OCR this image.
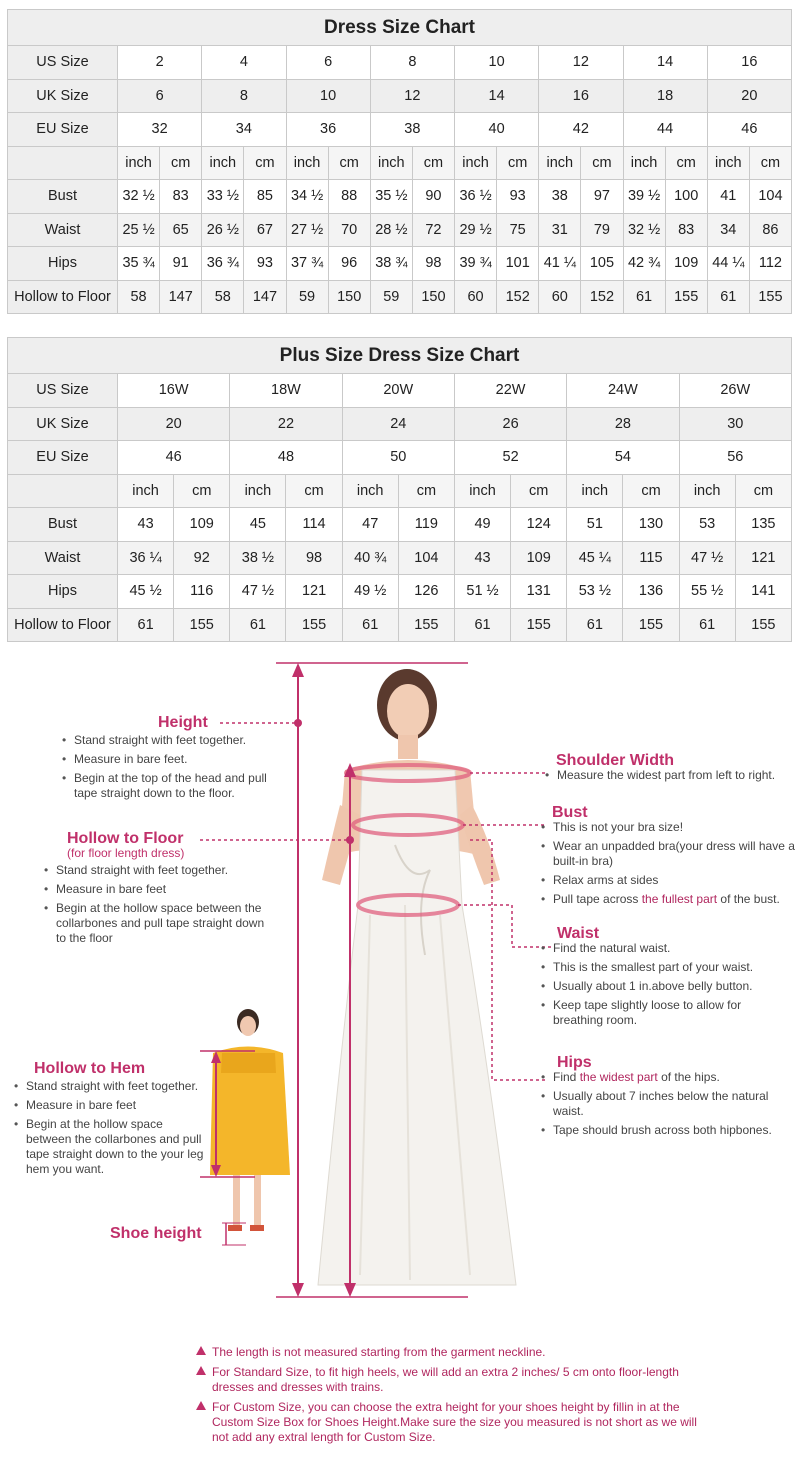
Dress Size Chart																
US Size	2		4		6		8		10		12		14		16	
UK Size	6		8		10		12		14		16		18		20	
EU Size	32		34		36		38		40		42		44		46	
	inch	cm	inch	cm	inch	cm	inch	cm	inch	cm	inch	cm	inch	cm	inch	cm
Bust	32 ½	83	33 ½	85	34 ½	88	35 ½	90	36 ½	93	38	97	39 ½	100	41	104
Waist	25 ½	65	26 ½	67	27 ½	70	28 ½	72	29 ½	75	31	79	32 ½	83	34	86
Hips	35 ¾	91	36 ¾	93	37 ¾	96	38 ¾	98	39 ¾	101	41 ¼	105	42 ¾	109	44 ¼	112
Hollow to Floor	58	147	58	147	59	150	59	150	60	152	60	152	61	155	61	155
Plus Size Dress Size Chart												
US Size	16W		18W		20W		22W		24W		26W	
UK Size	20		22		24		26		28		30	
EU Size	46		48		50		52		54		56	
	inch	cm	inch	cm	inch	cm	inch	cm	inch	cm	inch	cm
Bust	43	109	45	114	47	119	49	124	51	130	53	135
Waist	36 ¼	92	38 ½	98	40 ¾	104	43	109	45 ¼	115	47 ½	121
Hips	45 ½	116	47 ½	121	49 ½	126	51 ½	131	53 ½	136	55 ½	141
Hollow to Floor	61	155	61	155	61	155	61	155	61	155	61	155
Height
• Stand straight with feet together.
• Measure in bare feet.
• Begin at the top of the head and pull tape straight down to the floor.
Hollow to Floor
(for floor length dress)
• Stand straight with feet together.
• Measure in bare feet
• Begin at the hollow space between the collarbones and pull tape straight down to the floor
Hollow to Hem
• Stand straight with feet together.
• Measure in bare feet
• Begin at the hollow space between the collarbones and pull tape straight down to the your leg hem you want.
Shoe height
Shoulder Width
• Measure the widest part from left to right.
Bust
• This is not your bra size!
• Wear an unpadded bra(your dress will have a built-in bra)
• Relax arms at sides
• Pull tape across the fullest part of the bust.
Waist
• Find the natural waist.
• This is the smallest part of your waist.
• Usually about 1 in.above belly button.
• Keep tape slightly loose to allow for breathing room.
Hips
• Find the widest part of the hips.
• Usually about 7 inches below the natural waist.
• Tape should brush across both hipbones.
The length is not measured starting from the garment neckline.
For Standard Size, to fit high heels, we will add an extra 2 inches/ 5 cm onto floor-length dresses and dresses with trains.
For Custom Size, you can choose the extra height for your shoes height by fillin in at the Custom Size Box for Shoes Height.Make sure the size you measured is not short as we will not add any extral length for Custom Size.
